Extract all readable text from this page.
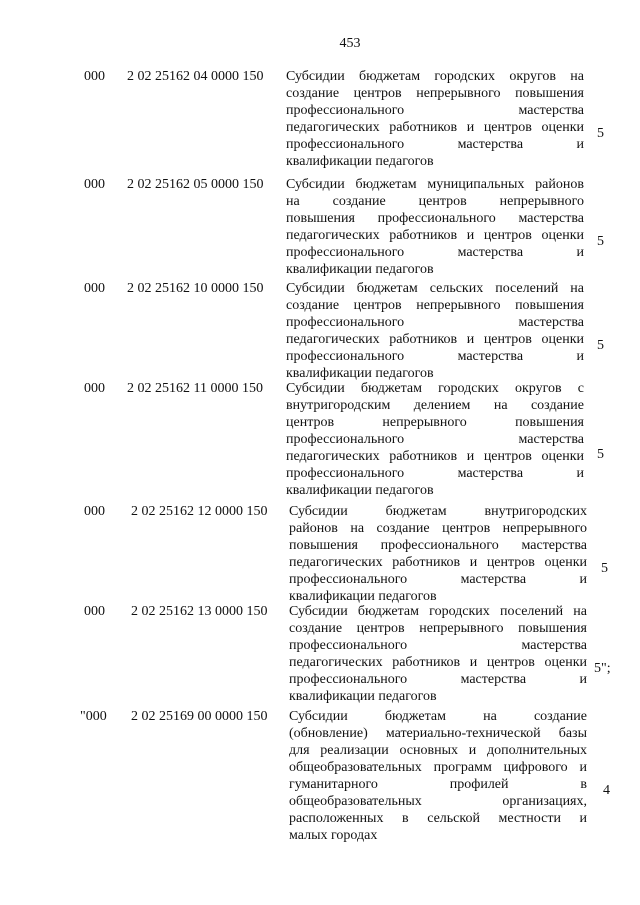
453
000 2 02 25162 04 0000 150 Субсидии бюджетам городских округов на
создание центров непрерывного повышения
профессионального мастерства
педагогических работников и центров оценки
профессионального мастерства и
квалификации педагогов
5
000 2 02 25162 05 0000 150 Субсидии бюджетам муниципальных районов
на создание центров непрерывного
повышения профессионального мастерства
педагогических работников и центров оценки
профессионального мастерства и
квалификации педагогов
5
000 2 02 25162 10 0000 150 Субсидии бюджетам сельских поселений на
создание центров непрерывного повышения
профессионального мастерства
педагогических работников и центров оценки
профессионального мастерства и
квалификации педагогов
5
000 2 02 25162 11 0000 150 Субсидии бюджетам городских округов с
внутригородским делением на создание
центров непрерывного повышения
профессионального мастерства
педагогических работников и центров оценки
профессионального мастерства и
квалификации педагогов
5
000 2 02 25162 12 0000 150 Субсидии бюджетам внутригородских
районов на создание центров непрерывного
повышения профессионального мастерства
педагогических работников и центров оценки
профессионального мастерства и
квалификации педагогов
5
000 2 02 25162 13 0000 150 Субсидии бюджетам городских поселений на
создание центров непрерывного повышения
профессионального мастерства
педагогических работников и центров оценки
профессионального мастерства и
квалификации педагогов
5";
"000 2 02 25169 00 0000 150 Субсидии бюджетам на создание
(обновление) материально-технической базы
для реализации основных и дополнительных
общеобразовательных программ цифрового и
гуманитарного профилей в
общеобразовательных организациях,
расположенных в сельской местности и
малых городах
4
